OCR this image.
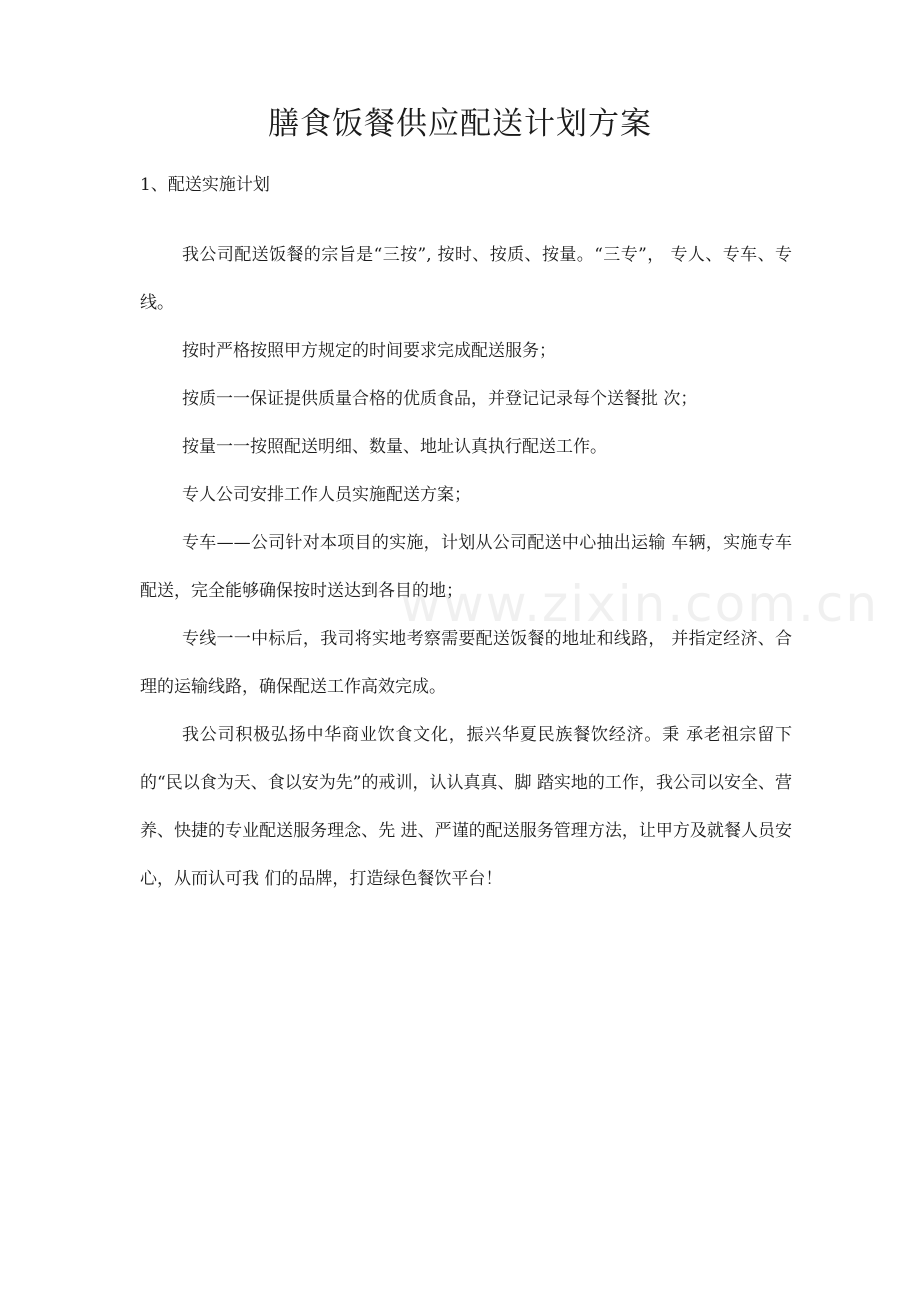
膳食饭餐供应配送计划方案
1、配送实施计划

我公司配送饭餐的宗旨是“三按”, 按时、按质、按量。“三专”， 专人、专车、专线。

按时严格按照甲方规定的时间要求完成配送服务；

按质一一保证提供质量合格的优质食品，并登记记录每个送餐批 次；

按量一一按照配送明细、数量、地址认真执行配送工作。

专人公司安排工作人员实施配送方案；

专车——公司针对本项目的实施，计划从公司配送中心抽出运输 车辆，实施专车配送，完全能够确保按时送达到各目的地；

专线一一中标后，我司将实地考察需要配送饭餐的地址和线路， 并指定经济、合理的运输线路，确保配送工作高效完成。

我公司积极弘扬中华商业饮食文化，振兴华夏民族餐饮经济。秉 承老祖宗留下的“民以食为天、食以安为先”的戒训，认认真真、脚 踏实地的工作，我公司以安全、营养、快捷的专业配送服务理念、先 进、严谨的配送服务管理方法，让甲方及就餐人员安心，从而认可我 们的品牌，打造绿色餐饮平台！

www.zixin.com.cn
